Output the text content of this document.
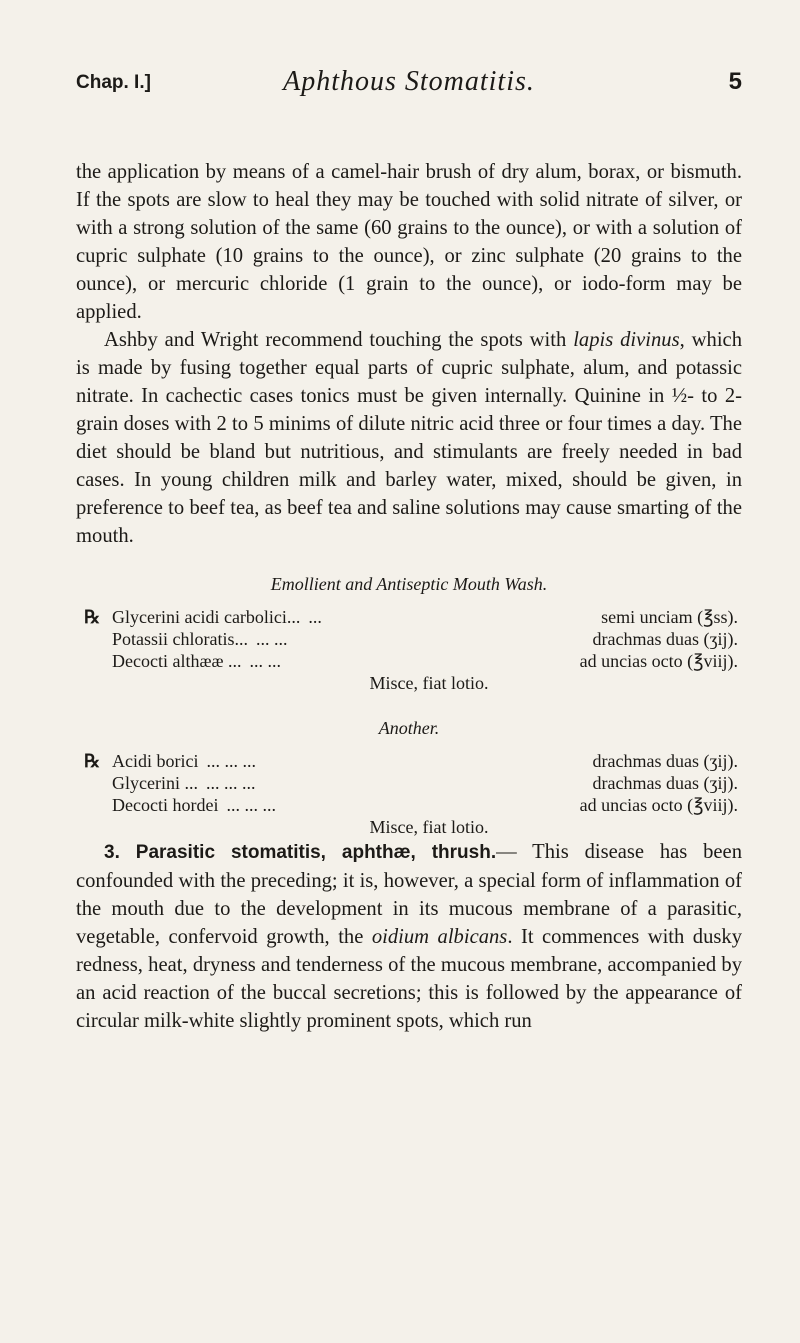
Chap. I.]	Aphthous Stomatitis.	5

the application by means of a camel-hair brush of dry alum, borax, or bismuth. If the spots are slow to heal they may be touched with solid nitrate of silver, or with a strong solution of the same (60 grains to the ounce), or with a solution of cupric sulphate (10 grains to the ounce), or zinc sulphate (20 grains to the ounce), or mercuric chloride (1 grain to the ounce), or iodo-form may be applied.

Ashby and Wright recommend touching the spots with lapis divinus, which is made by fusing together equal parts of cupric sulphate, alum, and potassic nitrate. In cachectic cases tonics must be given internally. Quinine in ½- to 2-grain doses with 2 to 5 minims of dilute nitric acid three or four times a day. The diet should be bland but nutritious, and stimulants are freely needed in bad cases. In young children milk and barley water, mixed, should be given, in preference to beef tea, as beef tea and saline solutions may cause smarting of the mouth.

Emollient and Antiseptic Mouth Wash.
℞ Glycerini acidi carbolici... ...	semi unciam (℥ss).
Potassii chloratis... ... ...	drachmas duas (ʒij).
Decocti althææ ... ... ...	ad uncias octo (℥viij).
Misce, fiat lotio.
Another.
℞ Acidi borici ... ... ...	drachmas duas (ʒij).
Glycerini ... ... ... ...	drachmas duas (ʒij).
Decocti hordei ... ... ...	ad uncias octo (℥viij).
Misce, fiat lotio.

3. Parasitic stomatitis, aphthæ, thrush.— This disease has been confounded with the preceding; it is, however, a special form of inflammation of the mouth due to the development in its mucous membrane of a parasitic, vegetable, confervoid growth, the oidium albicans. It commences with dusky redness, heat, dryness and tenderness of the mucous membrane, accompanied by an acid reaction of the buccal secretions; this is followed by the appearance of circular milk-white slightly prominent spots, which run
